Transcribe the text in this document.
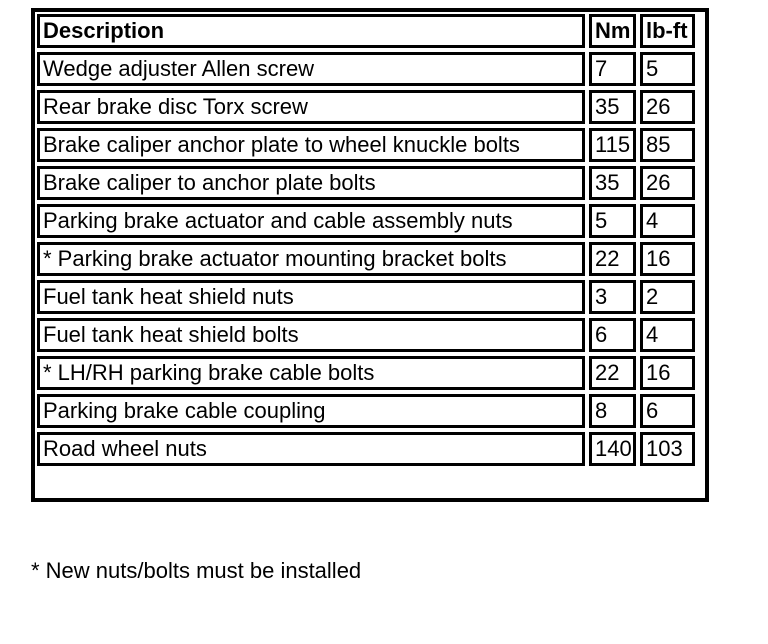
Description	Nm	lb-ft
Wedge adjuster Allen screw	7	5
Rear brake disc Torx screw	35	26
Brake caliper anchor plate to wheel knuckle bolts	115	85
Brake caliper to anchor plate bolts	35	26
Parking brake actuator and cable assembly nuts	5	4
* Parking brake actuator mounting bracket bolts	22	16
Fuel tank heat shield nuts	3	2
Fuel tank heat shield bolts	6	4
* LH/RH parking brake cable bolts	22	16
Parking brake cable coupling	8	6
Road wheel nuts	140	103
* New nuts/bolts must be installed
